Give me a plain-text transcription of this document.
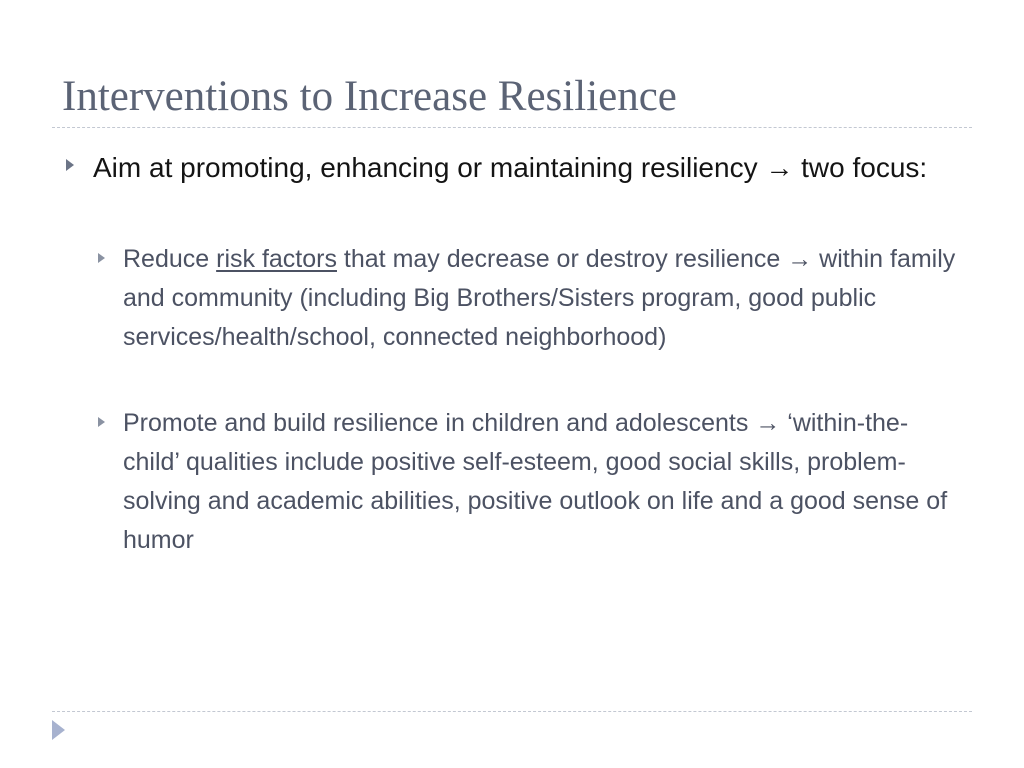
Interventions to Increase Resilience
Aim at promoting, enhancing or maintaining resiliency → two focus:
Reduce risk factors that may decrease or destroy resilience → within family and community (including Big Brothers/Sisters program, good public services/health/school, connected neighborhood)
Promote and build resilience in children and adolescents → ‘within-the-child’ qualities include positive self-esteem, good social skills, problem-solving and academic abilities, positive outlook on life and a good sense of humor
